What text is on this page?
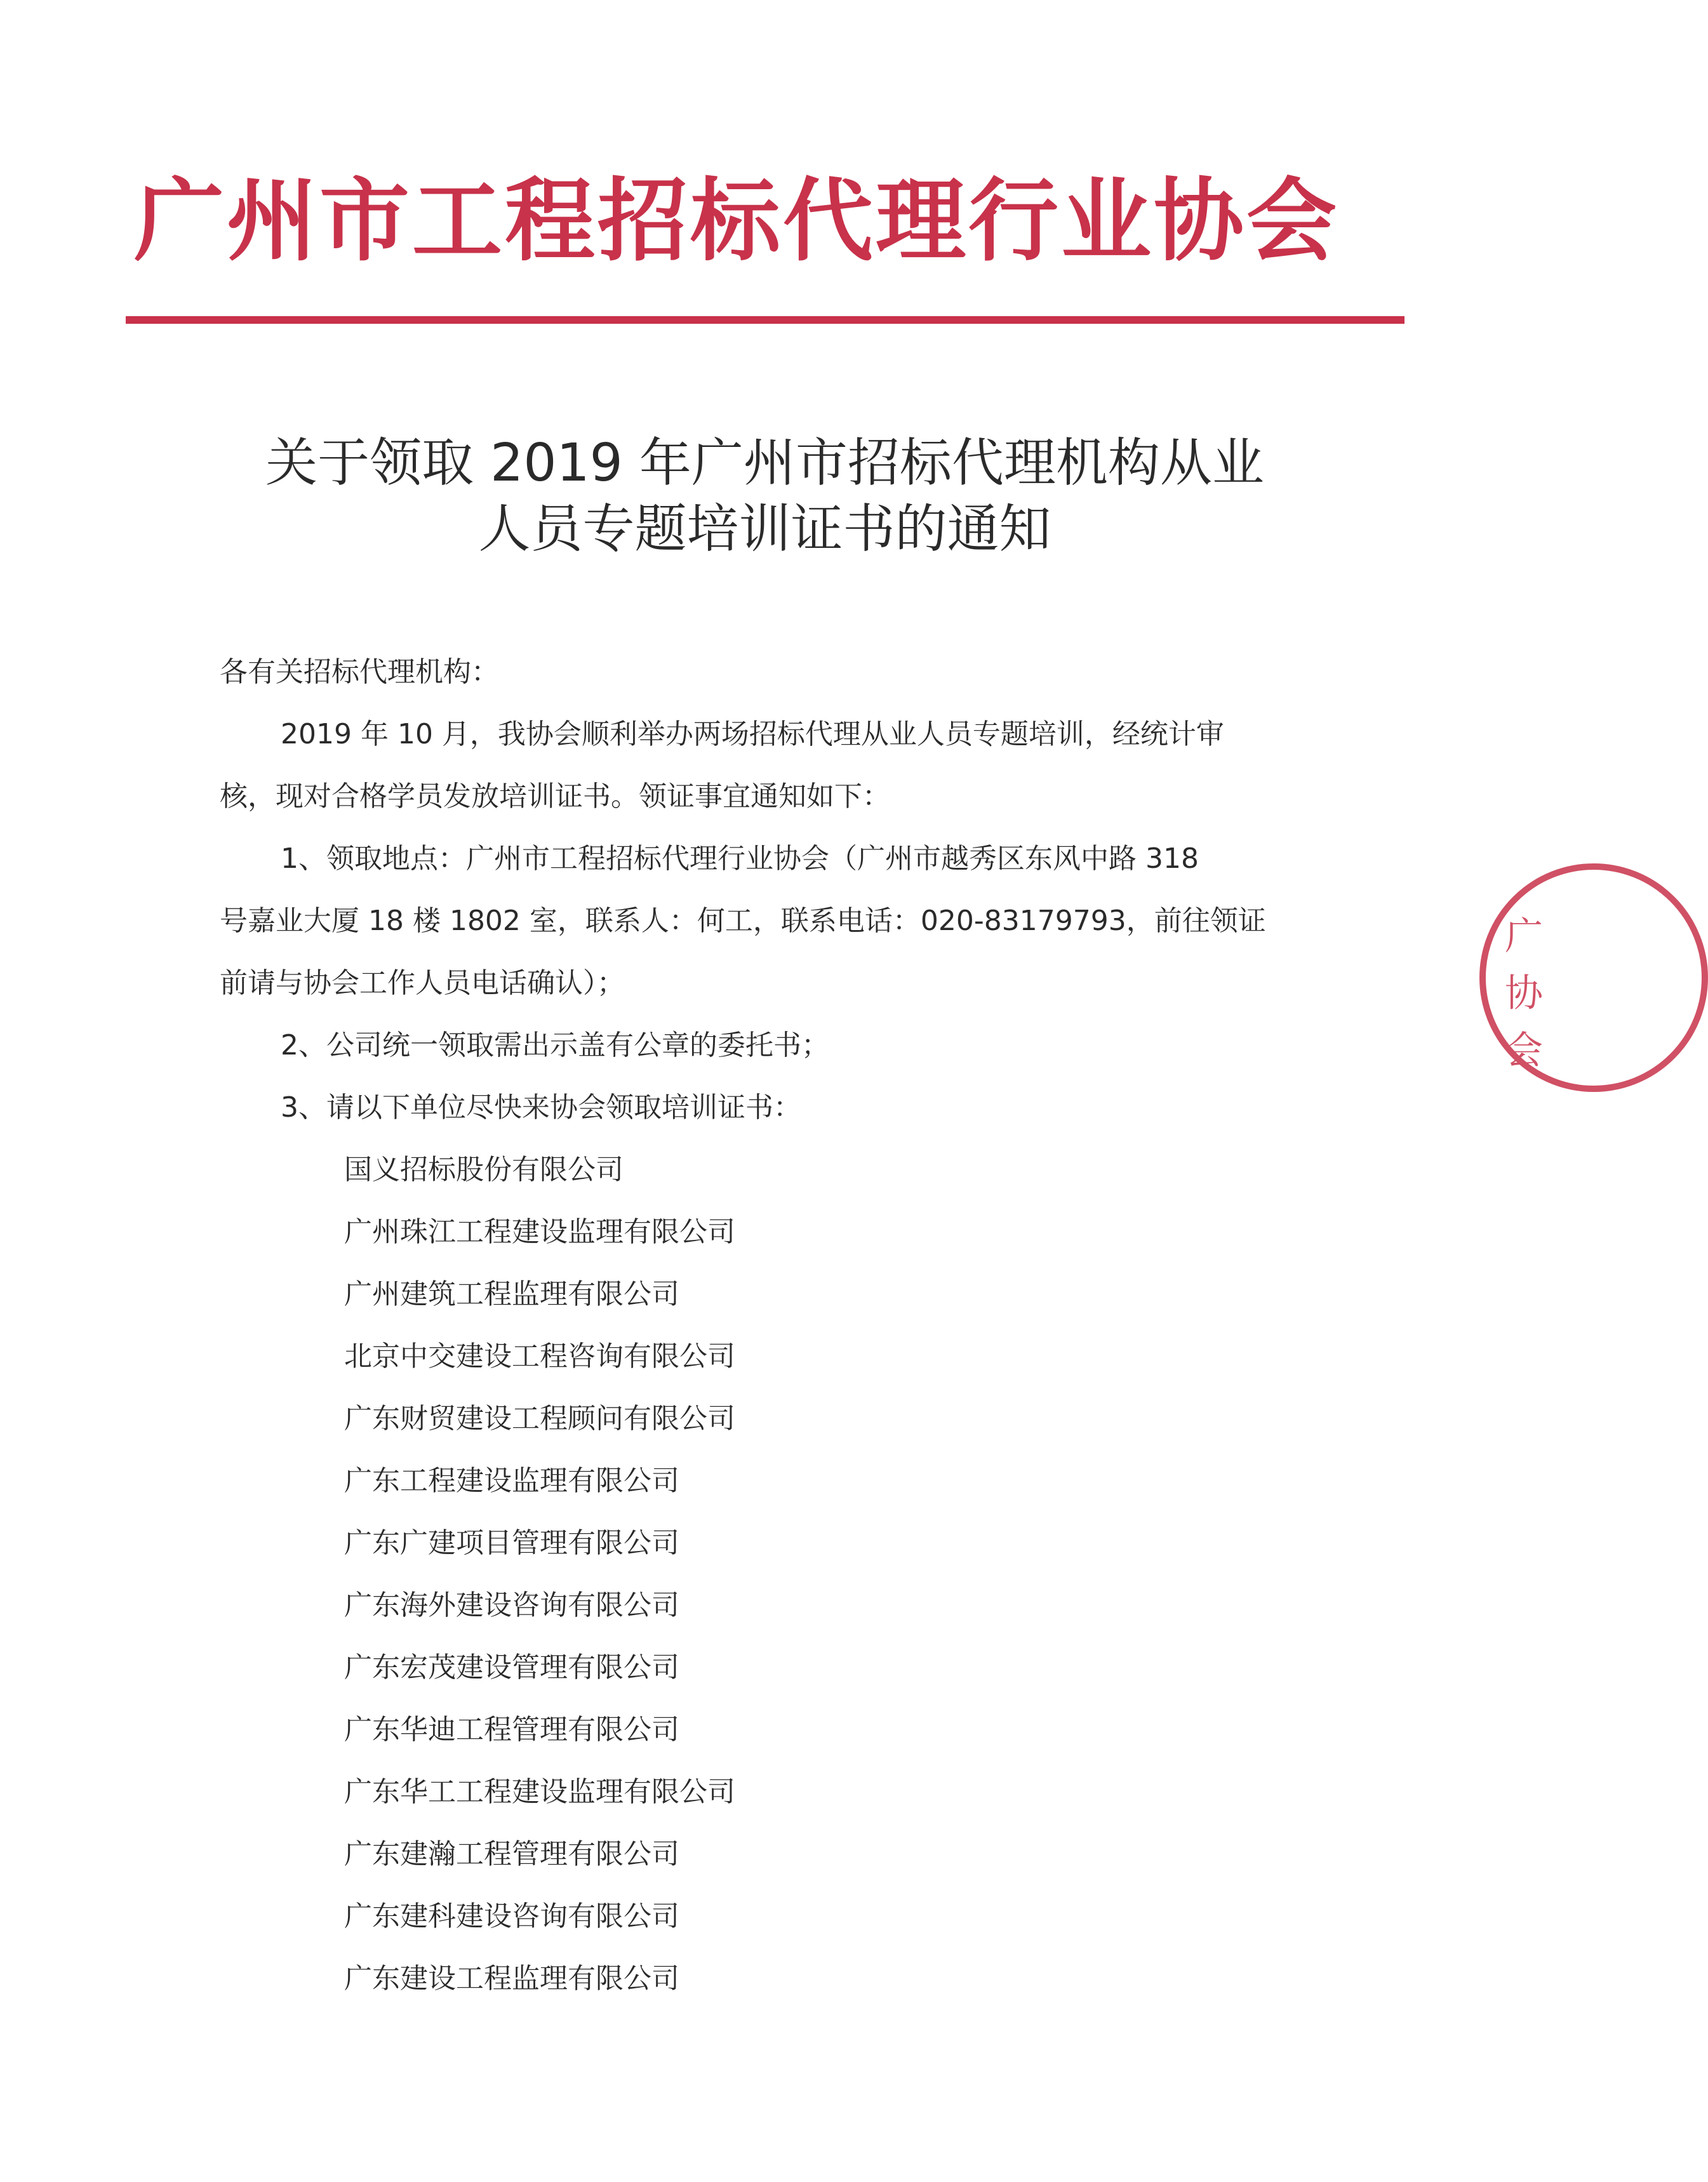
广州市工程招标代理行业协会
关于领取 2019 年广州市招标代理机构从业
人员专题培训证书的通知
各有关招标代理机构：
2019 年 10 月，我协会顺利举办两场招标代理从业人员专题培训，经统计审
核，现对合格学员发放培训证书。领证事宜通知如下：
1、领取地点：广州市工程招标代理行业协会（广州市越秀区东风中路 318
号嘉业大厦 18 楼 1802 室，联系人：何工，联系电话：020-83179793，前往领证
前请与协会工作人员电话确认）；
2、公司统一领取需出示盖有公章的委托书；
3、请以下单位尽快来协会领取培训证书：
国义招标股份有限公司
广州珠江工程建设监理有限公司
广州建筑工程监理有限公司
北京中交建设工程咨询有限公司
广东财贸建设工程顾问有限公司
广东工程建设监理有限公司
广东广建项目管理有限公司
广东海外建设咨询有限公司
广东宏茂建设管理有限公司
广东华迪工程管理有限公司
广东华工工程建设监理有限公司
广东建瀚工程管理有限公司
广东建科建设咨询有限公司
广东建设工程监理有限公司
广
协
会
